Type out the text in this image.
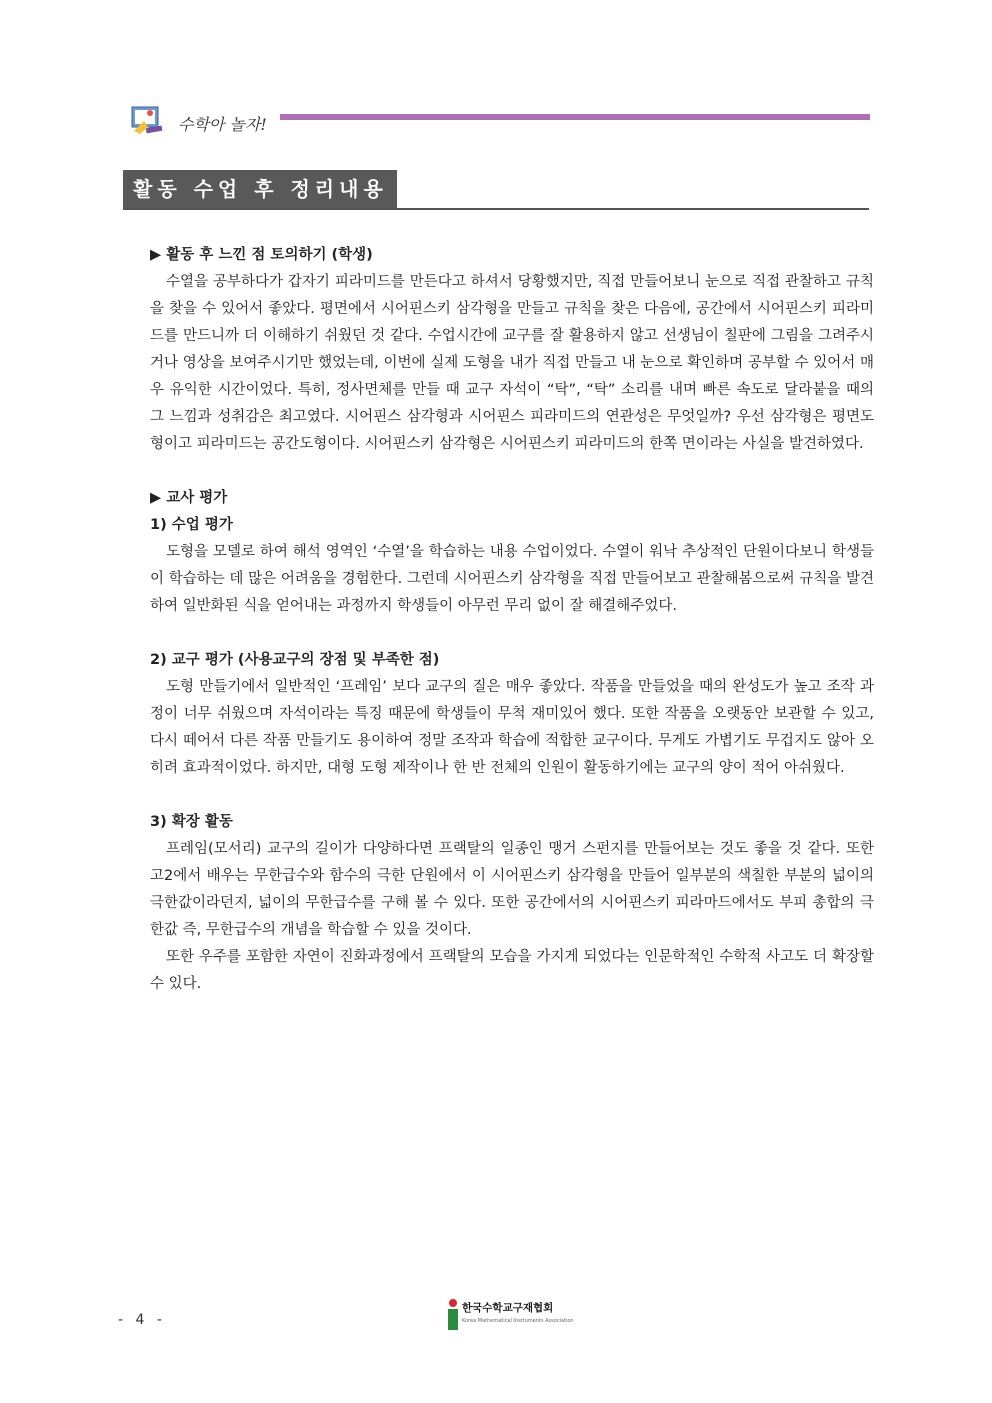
수학아 놀자!
활동 수업 후 정리내용

▶ 활동 후 느낀 점 토의하기 (학생)

수열을 공부하다가 갑자기 피라미드를 만든다고 하셔서 당황했지만, 직접 만들어보니 눈으로 직접 관찰하고 규칙을 찾을 수 있어서 좋았다. 평면에서 시어핀스키 삼각형을 만들고 규칙을 찾은 다음에, 공간에서 시어핀스키 피라미드를 만드니까 더 이해하기 쉬웠던 것 같다. 수업시간에 교구를 잘 활용하지 않고 선생님이 칠판에 그림을 그려주시거나 영상을 보여주시기만 했었는데, 이번에 실제 도형을 내가 직접 만들고 내 눈으로 확인하며 공부할 수 있어서 매우 유익한 시간이었다. 특히, 정사면체를 만들 때 교구 자석이 “탁”, “탁” 소리를 내며 빠른 속도로 달라붙을 때의 그 느낌과 성취감은 최고였다. 시어핀스 삼각형과 시어핀스 피라미드의 연관성은 무엇일까? 우선 삼각형은 평면도형이고 피라미드는 공간도형이다. 시어핀스키 삼각형은 시어핀스키 피라미드의 한쪽 면이라는 사실을 발견하였다.

▶ 교사 평가

1) 수업 평가

도형을 모델로 하여 해석 영역인 ‘수열’을 학습하는 내용 수업이었다. 수열이 워낙 추상적인 단원이다보니 학생들이 학습하는 데 많은 어려움을 경험한다. 그런데 시어핀스키 삼각형을 직접 만들어보고 관찰해봄으로써 규칙을 발견하여 일반화된 식을 얻어내는 과정까지 학생들이 아무런 무리 없이 잘 해결해주었다.

2) 교구 평가 (사용교구의 장점 및 부족한 점)

도형 만들기에서 일반적인 ‘프레임’ 보다 교구의 질은 매우 좋았다. 작품을 만들었을 때의 완성도가 높고 조작 과정이 너무 쉬웠으며 자석이라는 특징 때문에 학생들이 무척 재미있어 했다. 또한 작품을 오랫동안 보관할 수 있고, 다시 떼어서 다른 작품 만들기도 용이하여 정말 조작과 학습에 적합한 교구이다. 무게도 가볍기도 무겁지도 않아 오히려 효과적이었다. 하지만, 대형 도형 제작이나 한 반 전체의 인원이 활동하기에는 교구의 양이 적어 아쉬웠다.

3) 확장 활동

프레임(모서리) 교구의 길이가 다양하다면 프랙탈의 일종인 맹거 스펀지를 만들어보는 것도 좋을 것 같다. 또한 고2에서 배우는 무한급수와 함수의 극한 단원에서 이 시어핀스키 삼각형을 만들어 일부분의 색칠한 부분의 넓이의 극한값이라던지, 넓이의 무한급수를 구해 볼 수 있다. 또한 공간에서의 시어핀스키 피라마드에서도 부피 총합의 극한값 즉, 무한급수의 개념을 학습할 수 있을 것이다.

또한 우주를 포함한 자연이 진화과정에서 프랙탈의 모습을 가지게 되었다는 인문학적인 수학적 사고도 더 확장할 수 있다.

- 4 -
한국수학교구재협회
Korea Mathematical Instruments Association
